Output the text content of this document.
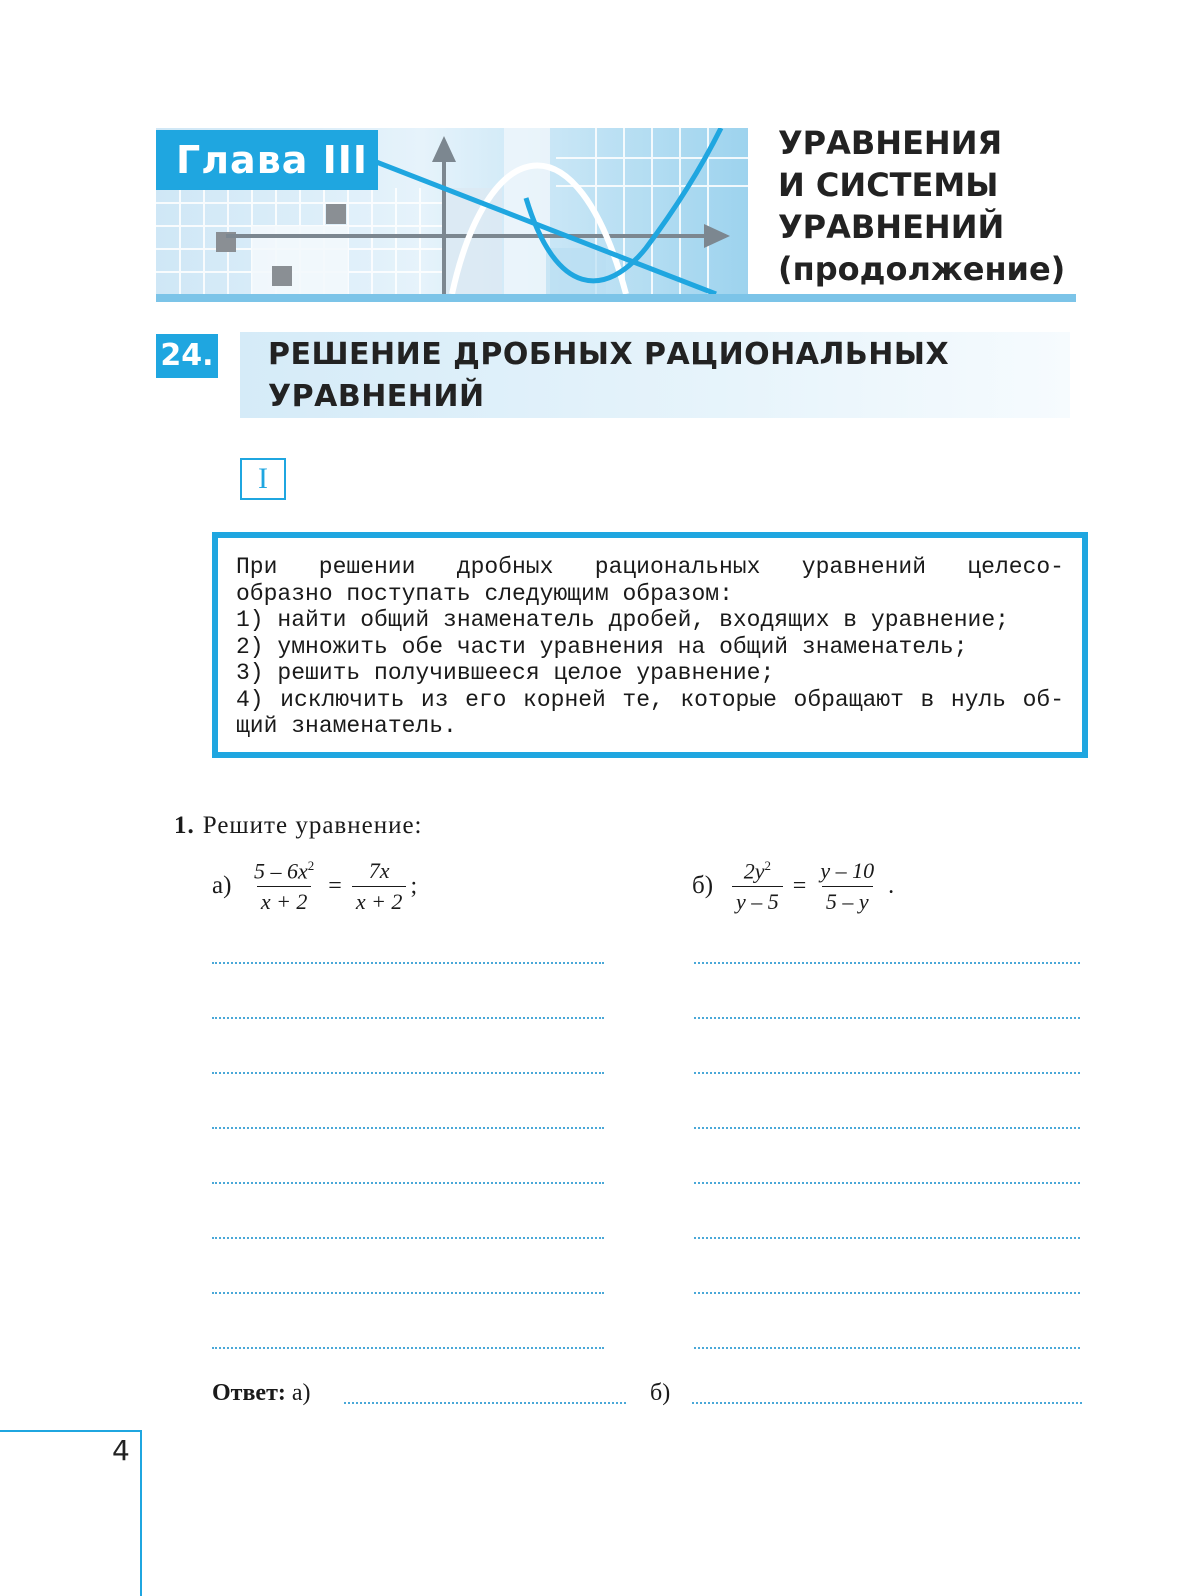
Глава III	УРАВНЕНИЯ
И СИСТЕМЫ
УРАВНЕНИЙ
(продолжение)
24. РЕШЕНИЕ ДРОБНЫХ РАЦИОНАЛЬНЫХ
УРАВНЕНИЙ
I
При решении дробных рациональных уравнений целесо-
образно поступать следующим образом:
1) найти общий знаменатель дробей, входящих в уравнение;
2) умножить обе части уравнения на общий знаменатель;
3) решить получившееся целое уравнение;
4) исключить из его корней те, которые обращают в нуль об-
щий знаменатель.
1. Решите уравнение:
$а) \frac{5 - 6x^2}{x + 2} = \frac{7x}{x + 2}$ ;	$б) \frac{2y^2}{y - 5} = \frac{y - 10}{5 - y}$ .
Ответ: а)	б)
4
